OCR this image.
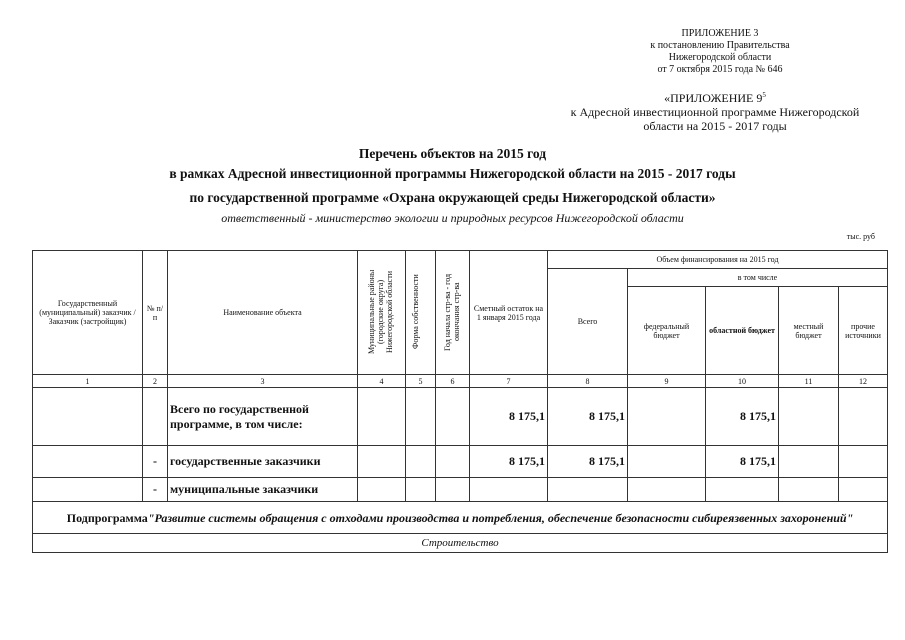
ПРИЛОЖЕНИЕ 3
к постановлению Правительства
Нижегородской области
от 7 октября 2015 года № 646
«ПРИЛОЖЕНИЕ $9^5$
к Адресной инвестиционной программе Нижегородской
области на 2015 - 2017 годы
Перечень объектов на 2015 год
в рамках Адресной инвестиционной программы Нижегородской области на 2015 - 2017 годы
по государственной программе «Охрана окружающей среды Нижегородской области»
ответственный - министерство экологии и природных ресурсов Нижегородской области
тыс. руб
Государственный (муниципальный) заказчик / Заказчик (застройщик)	№ п/п	Наименование объекта	Муниципальные районы (городские округа) Нижегородской области	Форма собственности	Год начала стр-ва - год окончания стр-ва	Сметный остаток на 1 января 2015 года	Объем финансирования на 2015 год				
							Всего	в том числе			
								федеральный бюджет	областной бюджет	местный бюджет	прочие источники
1	2	3	4	5	6	7	8	9	10	11	12
		Всего по государственной программе, в том числе:				8 175,1	8 175,1		8 175,1		
	-	государственные заказчики				8 175,1	8 175,1		8 175,1		
	-	муниципальные заказчики									
Подпрограмма"Развитие системы обращения с отходами производства и потребления, обеспечение безопасности сибиреязвенных захоронений"											
Строительство											
